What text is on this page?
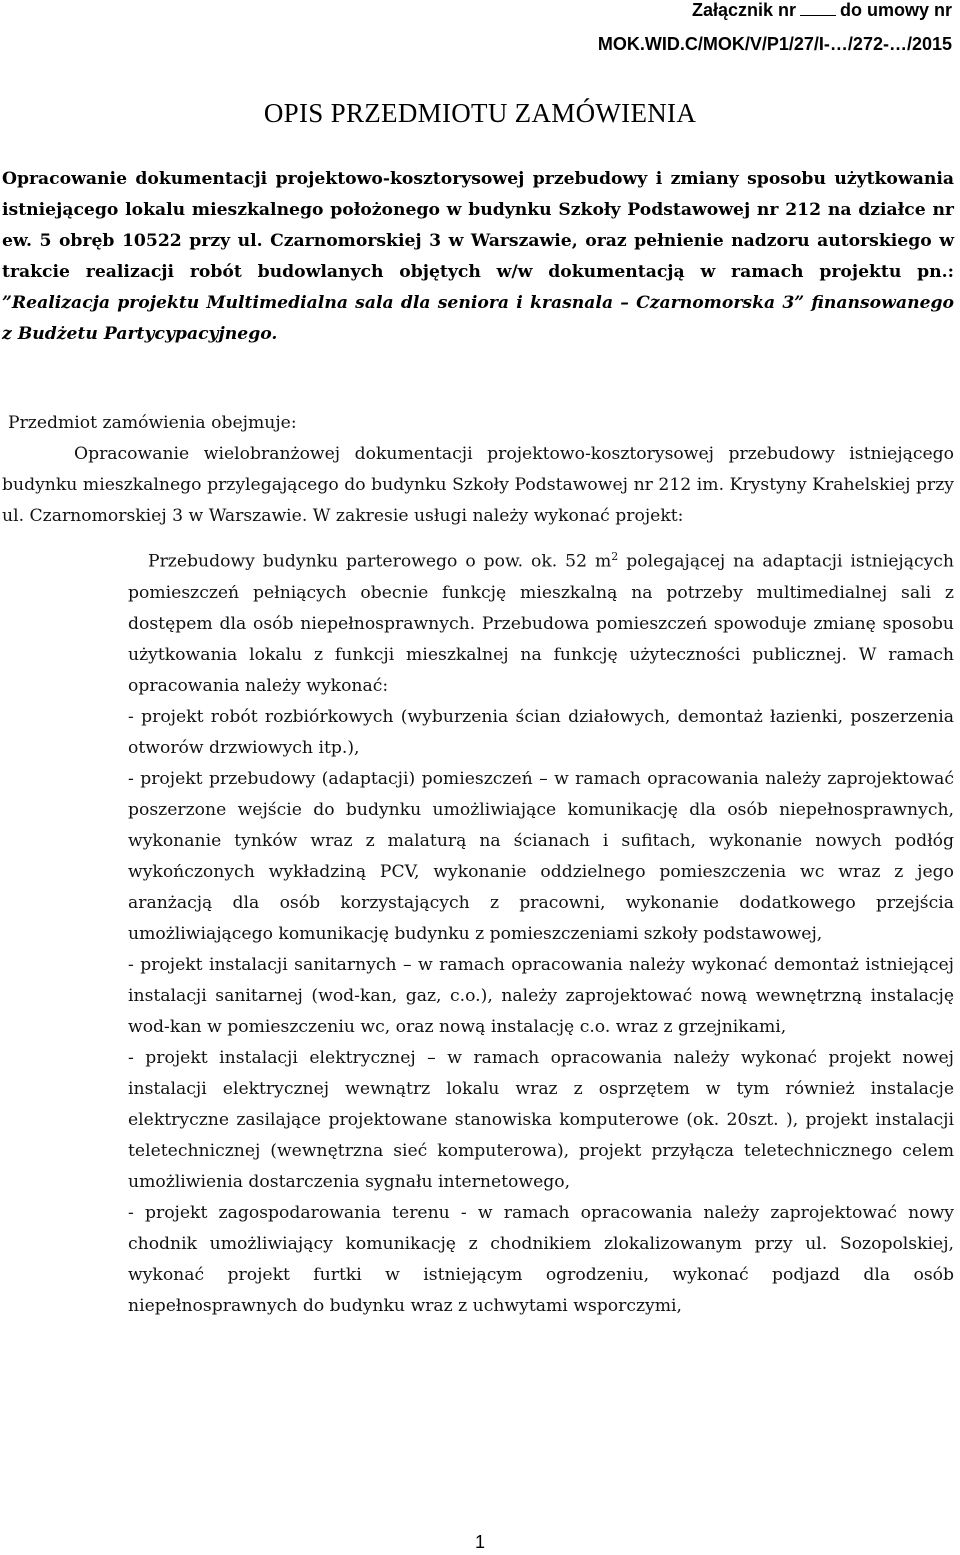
Załącznik nr do umowy nr
MOK.WID.C/MOK/V/P1/27/I-…/272-…/2015
OPIS PRZEDMIOTU ZAMÓWIENIA
Opracowanie dokumentacji projektowo-kosztorysowej przebudowy i zmiany sposobu użytkowania istniejącego lokalu mieszkalnego położonego w budynku Szkoły Podstawowej nr 212 na działce nr ew. 5 obręb 10522 przy ul. Czarnomorskiej 3 w Warszawie, oraz pełnienie nadzoru autorskiego w trakcie realizacji robót budowlanych objętych w/w dokumentacją w ramach projektu pn.: ”Realizacja projektu Multimedialna sala dla seniora i krasnala – Czarnomorska 3” finansowanego z Budżetu Partycypacyjnego.

Przedmiot zamówienia obejmuje:

Opracowanie wielobranżowej dokumentacji projektowo-kosztorysowej przebudowy istniejącego budynku mieszkalnego przylegającego do budynku Szkoły Podstawowej nr 212 im. Krystyny Krahelskiej przy ul. Czarnomorskiej 3 w Warszawie. W zakresie usługi należy wykonać projekt:

Przebudowy budynku parterowego o pow. ok. 52 $m^2$ polegającej na adaptacji istniejących pomieszczeń pełniących obecnie funkcję mieszkalną na potrzeby multimedialnej sali z dostępem dla osób niepełnosprawnych. Przebudowa pomieszczeń spowoduje zmianę sposobu użytkowania lokalu z funkcji mieszkalnej na funkcję użyteczności publicznej. W ramach opracowania należy wykonać:

- projekt robót rozbiórkowych (wyburzenia ścian działowych, demontaż łazienki, poszerzenia otworów drzwiowych itp.),

- projekt przebudowy (adaptacji) pomieszczeń – w ramach opracowania należy zaprojektować poszerzone wejście do budynku umożliwiające komunikację dla osób niepełnosprawnych, wykonanie tynków wraz z malaturą na ścianach i sufitach, wykonanie nowych podłóg wykończonych wykładziną PCV, wykonanie oddzielnego pomieszczenia wc wraz z jego aranżacją dla osób korzystających z pracowni, wykonanie dodatkowego przejścia umożliwiającego komunikację budynku z pomieszczeniami szkoły podstawowej,

- projekt instalacji sanitarnych – w ramach opracowania należy wykonać demontaż istniejącej instalacji sanitarnej (wod-kan, gaz, c.o.), należy zaprojektować nową wewnętrzną instalację wod-kan w pomieszczeniu wc, oraz nową instalację c.o. wraz z grzejnikami,

- projekt instalacji elektrycznej – w ramach opracowania należy wykonać projekt nowej instalacji elektrycznej wewnątrz lokalu wraz z osprzętem w tym również instalacje elektryczne zasilające projektowane stanowiska komputerowe (ok. 20szt. ), projekt instalacji teletechnicznej (wewnętrzna sieć komputerowa), projekt przyłącza teletechnicznego celem umożliwienia dostarczenia sygnału internetowego,

- projekt zagospodarowania terenu - w ramach opracowania należy zaprojektować nowy chodnik umożliwiający komunikację z chodnikiem zlokalizowanym przy ul. Sozopolskiej, wykonać projekt furtki w istniejącym ogrodzeniu, wykonać podjazd dla osób niepełnosprawnych do budynku wraz z uchwytami wsporczymi,

1
